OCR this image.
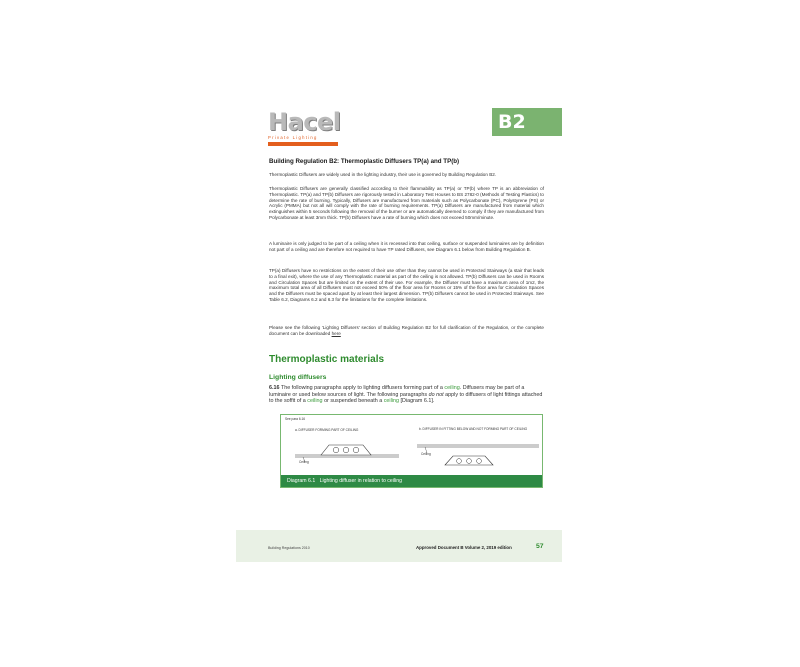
Hacel
Private Lighting
B2
Building Regulation B2: Thermoplastic Diffusers TP(a) and TP(b)
Thermoplastic Diffusers are widely used in the lighting industry, their use is governed by Building Regulation B2.
Thermoplastic Diffusers are generally classified according to their flammability as TP(a) or TP(b) where TP is an abbreviation of Thermoplastic. TP(a) and TP(b) Diffusers are rigorously tested in Laboratory Test Houses to BS 2782-0 (Methods of Testing Plastics) to determine the rate of burning. Typically, Diffusers are manufactured from materials such as Polycarbonate (PC), Polystyrene (PS) or Acrylic (PMMA) but not all will comply with the rate of burning requirements. TP(a) Diffusers are manufactured from material which extinguishes within 5 seconds following the removal of the burner or are automatically deemed to comply if they are manufactured from Polycarbonate at least 3mm thick. TP(b) Diffusers have a rate of burning which does not exceed 50mm/minute.
A luminaire is only judged to be part of a ceiling when it is recessed into that ceiling, surface or suspended luminaires are by definition not part of a ceiling and are therefore not required to have TP rated Diffusers, see Diagram 6.1 below from Building Regulation B.
TP(a) Diffusers have no restrictions on the extent of their use other than they cannot be used in Protected Stairways (a stair that leads to a final exit), where the use of any Thermoplastic material as part of the ceiling is not allowed. TP(b) Diffusers can be used in Rooms and Circulation Spaces but are limited on the extent of their use. For example, the Diffuser must have a maximum area of 1m2, the maximum total area of all Diffusers must not exceed 50% of the floor area for Rooms or 15% of the floor area for Circulation Spaces and the Diffusers must be spaced apart by at least their largest dimension. TP(b) Diffusers cannot be used in Protected Stairways. See Table 6.2, Diagrams 6.2 and 6.3 for the limitations for the complete limitations.
Please see the following 'Lighting Diffusers' section of Building Regulation B2 for full clarification of the Regulation, or the complete document can be downloaded here
Thermoplastic materials
Lighting diffusers
6.16 The following paragraphs apply to lighting diffusers forming part of a ceiling. Diffusers may be part of a luminaire or used below sources of light. The following paragraphs do not apply to diffusers of light fittings attached to the soffit of a ceiling or suspended beneath a ceiling [Diagram 6.1].
See para 6.16
a. DIFFUSER FORMING PART OF CEILING	b. DIFFUSER IN FITTING BELOW AND NOT FORMING PART OF CEILING
Ceiling
Ceiling
Diagram 6.1 Lighting diffuser in relation to ceiling
Building Regulations 2010	Approved Document B Volume 2, 2019 edition	57
